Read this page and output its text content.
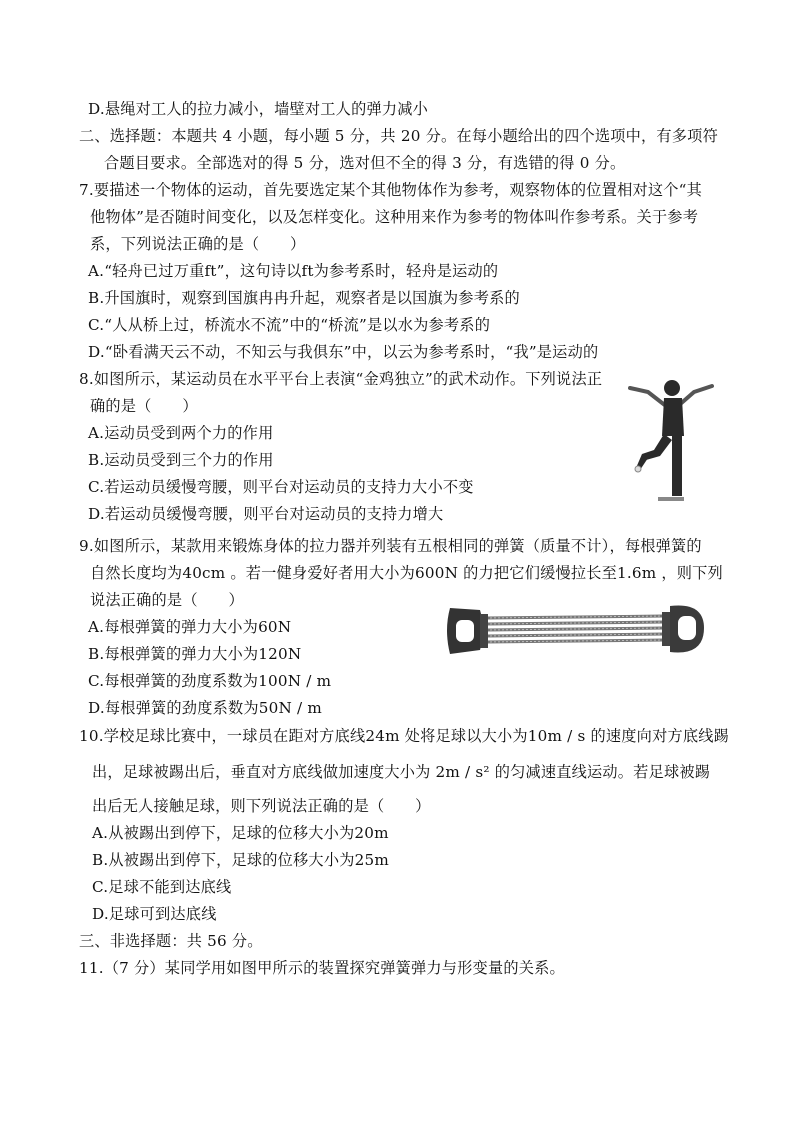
D.悬绳对工人的拉力减小，墙壁对工人的弹力减小
二、选择题：本题共 4 小题，每小题 5 分，共 20 分。在每小题给出的四个选项中，有多项符
合题目要求。全部选对的得 5 分，选对但不全的得 3 分，有选错的得 0 分。
7.要描述一个物体的运动，首先要选定某个其他物体作为参考，观察物体的位置相对这个“其
他物体”是否随时间变化，以及怎样变化。这种用来作为参考的物体叫作参考系。关于参考
系，下列说法正确的是（　　）
A.“轻舟已过万重ft”，这句诗以ft为参考系时，轻舟是运动的
B.升国旗时，观察到国旗冉冉升起，观察者是以国旗为参考系的
C.“人从桥上过，桥流水不流”中的“桥流”是以水为参考系的
D.“卧看满天云不动，不知云与我俱东”中，以云为参考系时，“我”是运动的
8.如图所示，某运动员在水平平台上表演“金鸡独立”的武术动作。下列说法正
确的是（　　）
A.运动员受到两个力的作用
B.运动员受到三个力的作用
C.若运动员缓慢弯腰，则平台对运动员的支持力大小不变
D.若运动员缓慢弯腰，则平台对运动员的支持力增大
9.如图所示，某款用来锻炼身体的拉力器并列装有五根相同的弹簧（质量不计），每根弹簧的
自然长度均为40cm 。若一健身爱好者用大小为600N 的力把它们缓慢拉长至1.6m ，则下列
说法正确的是（　　）
A.每根弹簧的弹力大小为60N
B.每根弹簧的弹力大小为120N
C.每根弹簧的劲度系数为100N / m
D.每根弹簧的劲度系数为50N / m
10.学校足球比赛中，一球员在距对方底线24m 处将足球以大小为10m / s 的速度向对方底线踢
出，足球被踢出后，垂直对方底线做加速度大小为 2m / s² 的匀减速直线运动。若足球被踢
出后无人接触足球，则下列说法正确的是（　　）
A.从被踢出到停下，足球的位移大小为20m
B.从被踢出到停下，足球的位移大小为25m
C.足球不能到达底线
D.足球可到达底线
三、非选择题：共 56 分。
11.（7 分）某同学用如图甲所示的装置探究弹簧弹力与形变量的关系。
